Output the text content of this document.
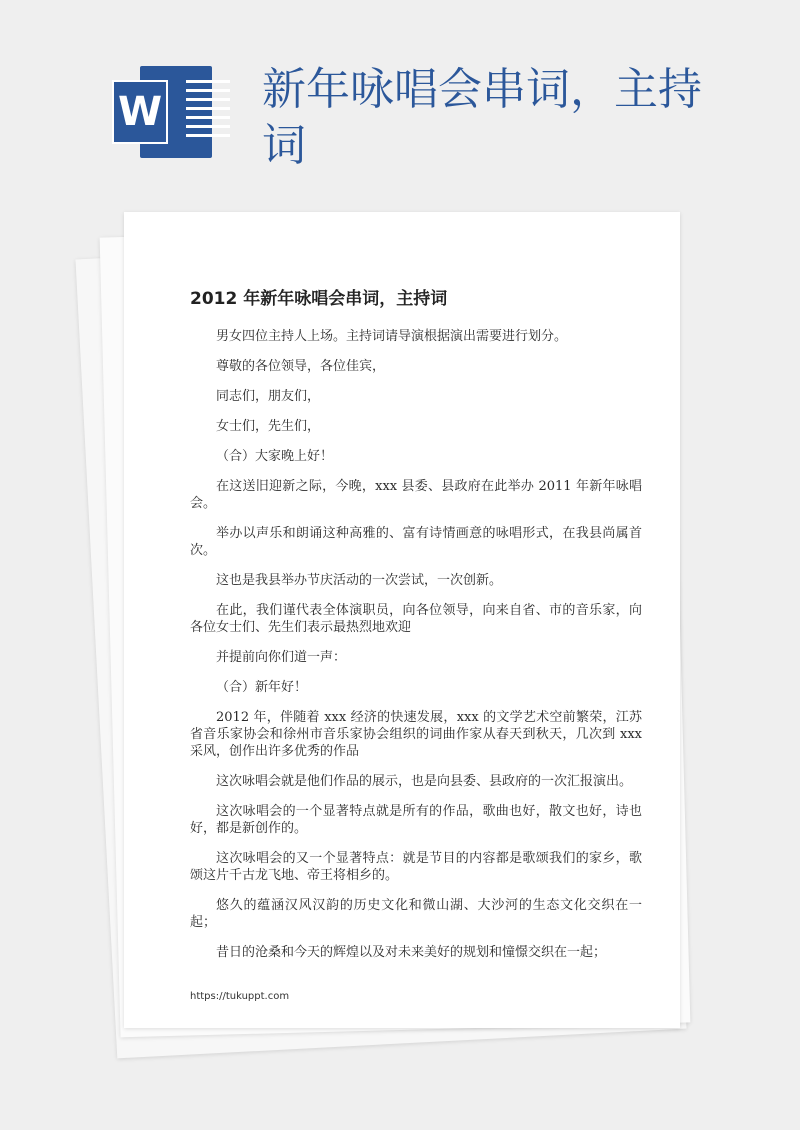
W 新年咏唱会串词，主持词
2012 年新年咏唱会串词，主持词

男女四位主持人上场。主持词请导演根据演出需要进行划分。

尊敬的各位领导，各位佳宾，

同志们，朋友们，

女士们，先生们，

（合）大家晚上好！

在这送旧迎新之际，今晚，xxx 县委、县政府在此举办 2011 年新年咏唱会。

举办以声乐和朗诵这种高雅的、富有诗情画意的咏唱形式，在我县尚属首次。

这也是我县举办节庆活动的一次尝试，一次创新。

在此，我们谨代表全体演职员，向各位领导，向来自省、市的音乐家，向各位女士们、先生们表示最热烈地欢迎

并提前向你们道一声：

（合）新年好！

2012 年，伴随着 xxx 经济的快速发展，xxx 的文学艺术空前繁荣，江苏省音乐家协会和徐州市音乐家协会组织的词曲作家从春天到秋天，几次到 xxx 采风，创作出许多优秀的作品

这次咏唱会就是他们作品的展示，也是向县委、县政府的一次汇报演出。

这次咏唱会的一个显著特点就是所有的作品，歌曲也好，散文也好，诗也好，都是新创作的。

这次咏唱会的又一个显著特点：就是节目的内容都是歌颂我们的家乡，歌颂这片千古龙飞地、帝王将相乡的。

悠久的蕴涵汉风汉韵的历史文化和微山湖、大沙河的生态文化交织在一起；

昔日的沧桑和今天的辉煌以及对未来美好的规划和憧憬交织在一起；

https://tukuppt.com
